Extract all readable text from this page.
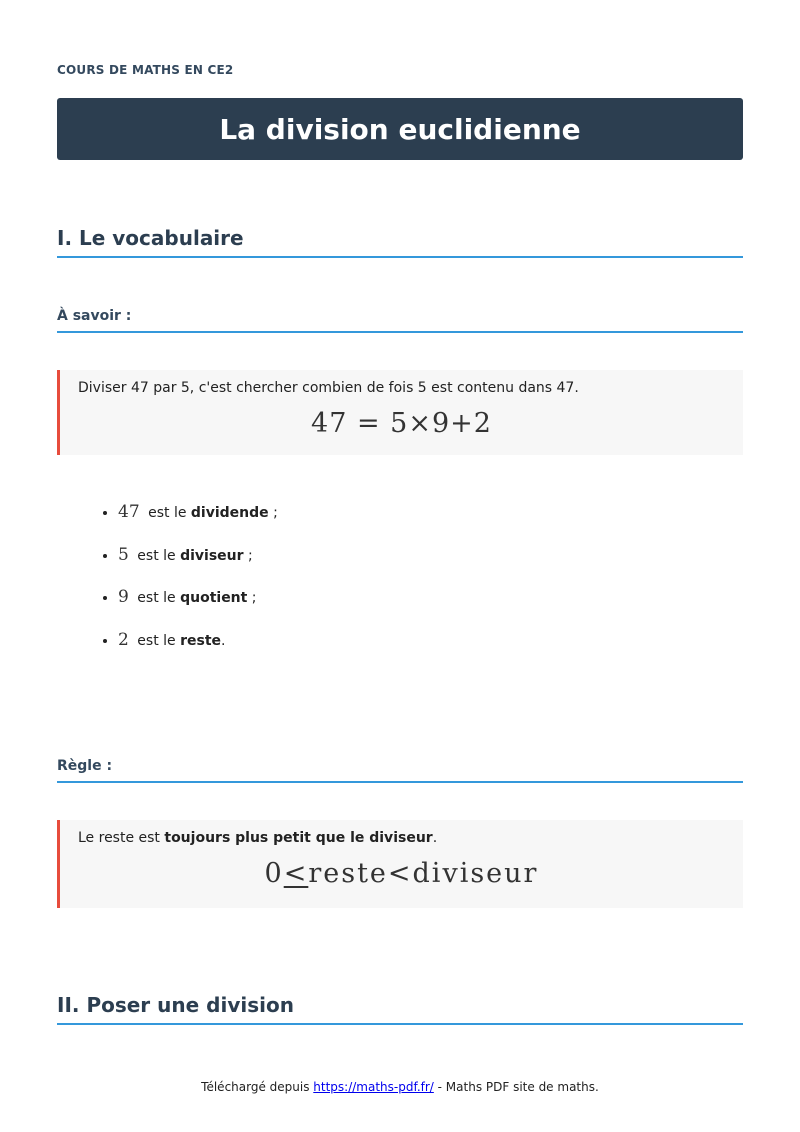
COURS DE MATHS EN CE2
La division euclidienne
I. Le vocabulaire
À savoir :

Diviser 47 par 5, c'est chercher combien de fois 5 est contenu dans 47.

47 = 5×9+2
• 47 est le dividende ;
• 5 est le diviseur ;
• 9 est le quotient ;
• 2 est le reste.
Règle :

Le reste est toujours plus petit que le diviseur.

0<reste<diviseur
II. Poser une division
Téléchargé depuis https://maths-pdf.fr/ - Maths PDF site de maths.
